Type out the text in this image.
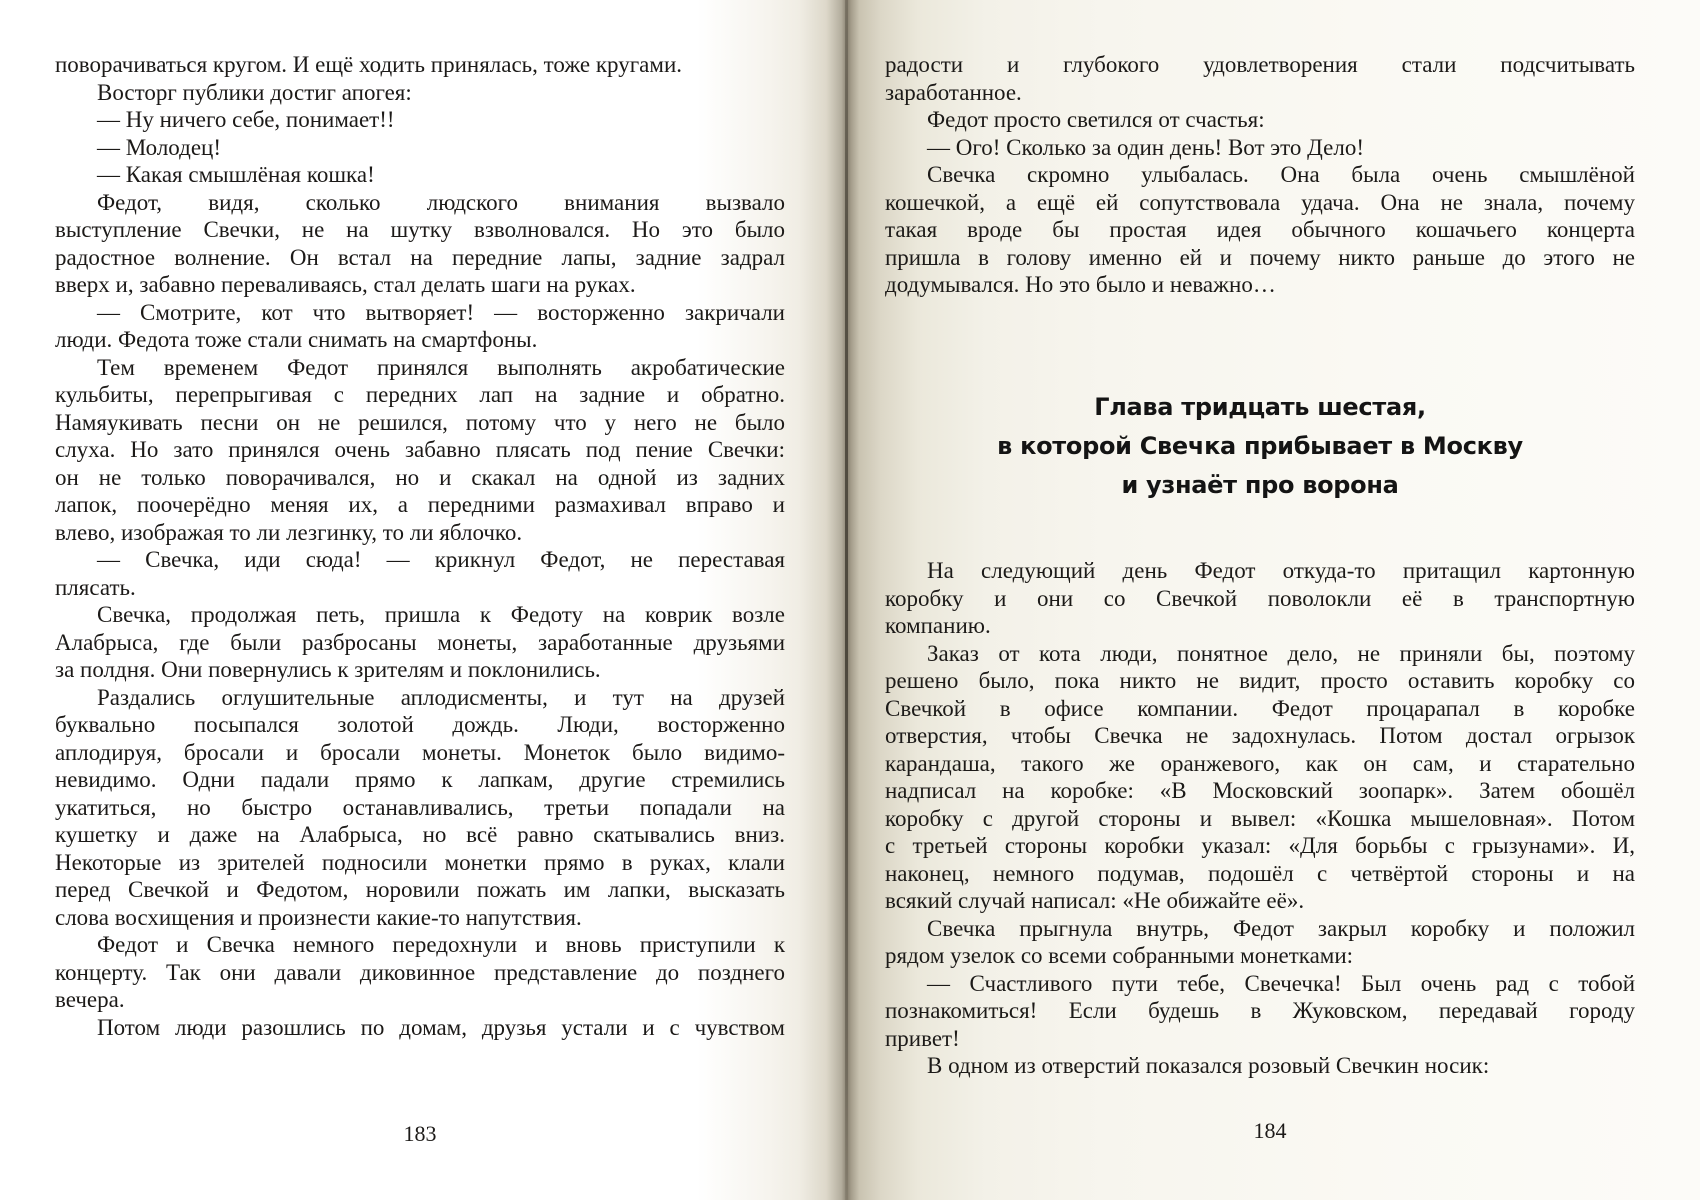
поворачиваться кругом. И ещё ходить принялась, тоже кругами.
Восторг публики достиг апогея:
— Ну ничего себе, понимает!!
— Молодец!
— Какая смышлёная кошка!
Федот, видя, сколько людского внимания вызвало
выступление Свечки, не на шутку взволновался. Но это было
радостное волнение. Он встал на передние лапы, задние задрал
вверх и, забавно переваливаясь, стал делать шаги на руках.
— Смотрите, кот что вытворяет! — восторженно закричали
люди. Федота тоже стали снимать на смартфоны.
Тем временем Федот принялся выполнять акробатические
кульбиты, перепрыгивая с передних лап на задние и обратно.
Намяукивать песни он не решился, потому что у него не было
слуха. Но зато принялся очень забавно плясать под пение Свечки:
он не только поворачивался, но и скакал на одной из задних
лапок, поочерёдно меняя их, а передними размахивал вправо и
влево, изображая то ли лезгинку, то ли яблочко.
— Свечка, иди сюда! — крикнул Федот, не переставая
плясать.
Свечка, продолжая петь, пришла к Федоту на коврик возле
Алабрыса, где были разбросаны монеты, заработанные друзьями
за полдня. Они повернулись к зрителям и поклонились.
Раздались оглушительные аплодисменты, и тут на друзей
буквально посыпался золотой дождь. Люди, восторженно
аплодируя, бросали и бросали монеты. Монеток было видимо-
невидимо. Одни падали прямо к лапкам, другие стремились
укатиться, но быстро останавливались, третьи попадали на
кушетку и даже на Алабрыса, но всё равно скатывались вниз.
Некоторые из зрителей подносили монетки прямо в руках, клали
перед Свечкой и Федотом, норовили пожать им лапки, высказать
слова восхищения и произнести какие-то напутствия.
Федот и Свечка немного передохнули и вновь приступили к
концерту. Так они давали диковинное представление до позднего
вечера.
Потом люди разошлись по домам, друзья устали и с чувством
183
радости и глубокого удовлетворения стали подсчитывать
заработанное.
Федот просто светился от счастья:
— Ого! Сколько за один день! Вот это Дело!
Свечка скромно улыбалась. Она была очень смышлёной
кошечкой, а ещё ей сопутствовала удача. Она не знала, почему
такая вроде бы простая идея обычного кошачьего концерта
пришла в голову именно ей и почему никто раньше до этого не
додумывался. Но это было и неважно…
Глава тридцать шестая,
в которой Свечка прибывает в Москву
и узнаёт про ворона
На следующий день Федот откуда-то притащил картонную
коробку и они со Свечкой поволокли её в транспортную
компанию.
Заказ от кота люди, понятное дело, не приняли бы, поэтому
решено было, пока никто не видит, просто оставить коробку со
Свечкой в офисе компании. Федот процарапал в коробке
отверстия, чтобы Свечка не задохнулась. Потом достал огрызок
карандаша, такого же оранжевого, как он сам, и старательно
надписал на коробке: «В Московский зоопарк». Затем обошёл
коробку с другой стороны и вывел: «Кошка мышеловная». Потом
с третьей стороны коробки указал: «Для борьбы с грызунами». И,
наконец, немного подумав, подошёл с четвёртой стороны и на
всякий случай написал: «Не обижайте её».
Свечка прыгнула внутрь, Федот закрыл коробку и положил
рядом узелок со всеми собранными монетками:
— Счастливого пути тебе, Свечечка! Был очень рад с тобой
познакомиться! Если будешь в Жуковском, передавай городу
привет!
В одном из отверстий показался розовый Свечкин носик:
184
